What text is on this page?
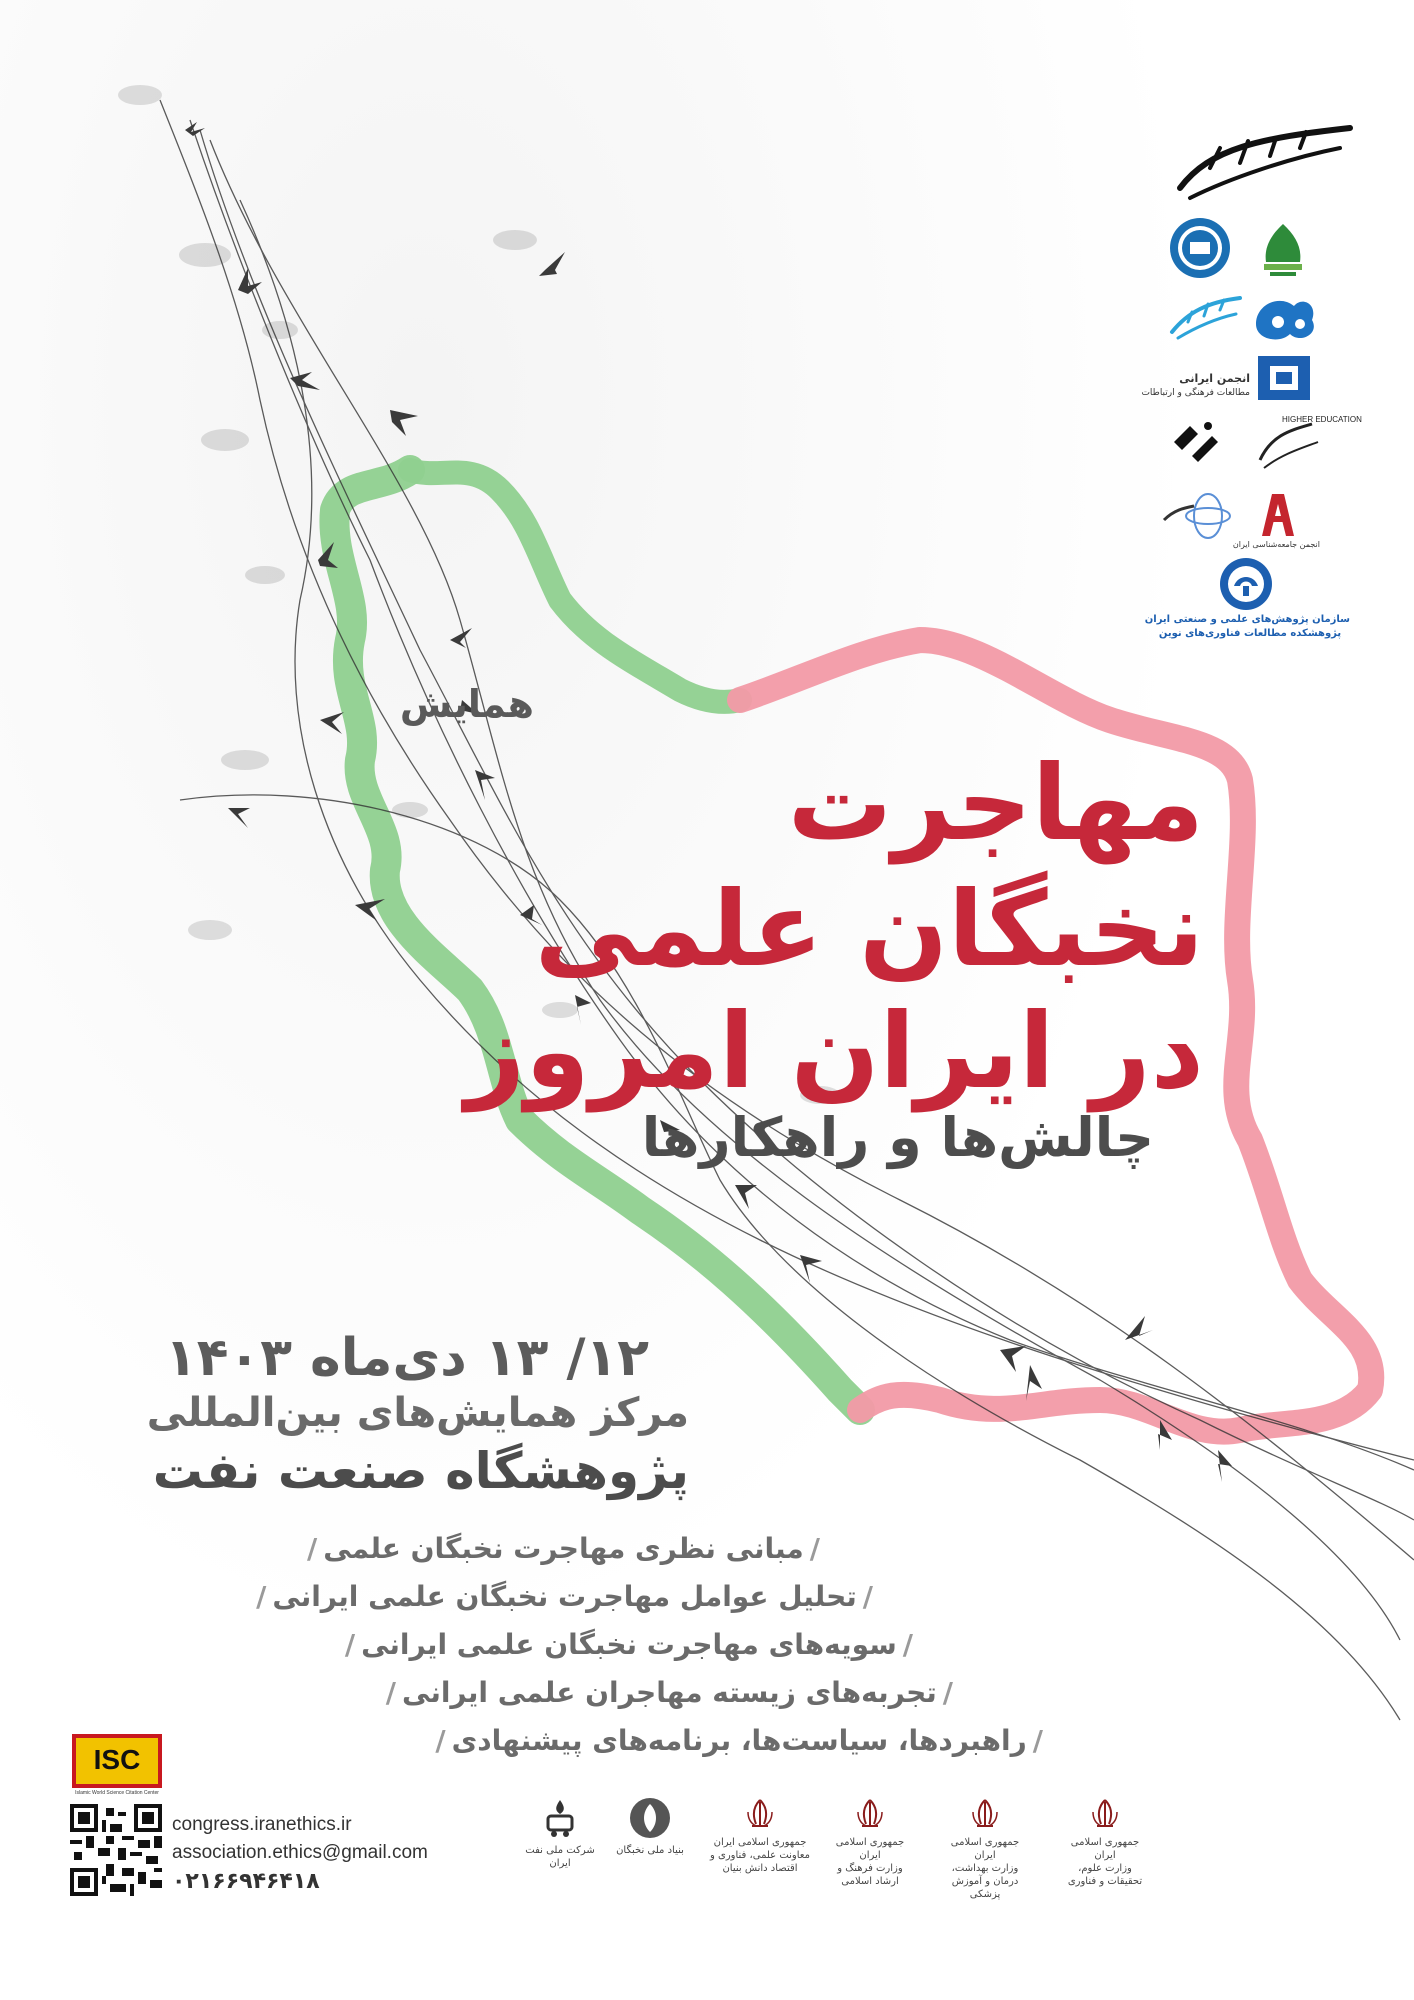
انجمن ایرانی
مطالعات فرهنگی و ارتباطات
HIGHER EDUCATION
انجمن جامعه‌شناسی ایران
سازمان پژوهش‌های علمی و صنعتی ایران
پژوهشکده مطالعات فناوری‌های نوین
همایش
مهاجرت
نخبگان علمی
در ایران امروز
چالش‌ها و راهکارها
۱۲/ ۱۳ دی‌ماه ۱۴۰۳
مرکز همایش‌های بین‌المللی
پژوهشگاه صنعت نفت
/مبانی نظری مهاجرت نخبگان علمی/
/تحلیل عوامل مهاجرت نخبگان علمی ایرانی/
/سویه‌های مهاجرت نخبگان علمی ایرانی/
/تجربه‌های زیسته مهاجران علمی ایرانی/
/راهبردها، سیاست‌ها، برنامه‌های پیشنهادی/
ISC
Islamic World Science Citation Center
congress.iranethics.ir
association.ethics@gmail.com
۰۲۱۶۶۹۴۶۴۱۸
جمهوری اسلامی ایران
وزارت علوم، تحقیقات و فناوری
جمهوری اسلامی ایران
وزارت بهداشت، درمان و آموزش پزشکی
جمهوری اسلامی ایران
وزارت فرهنگ و ارشاد اسلامی
جمهوری اسلامی ایران
معاونت علمی، فناوری و اقتصاد دانش بنیان
بنیاد ملی نخبگان
شرکت ملی نفت ایران
